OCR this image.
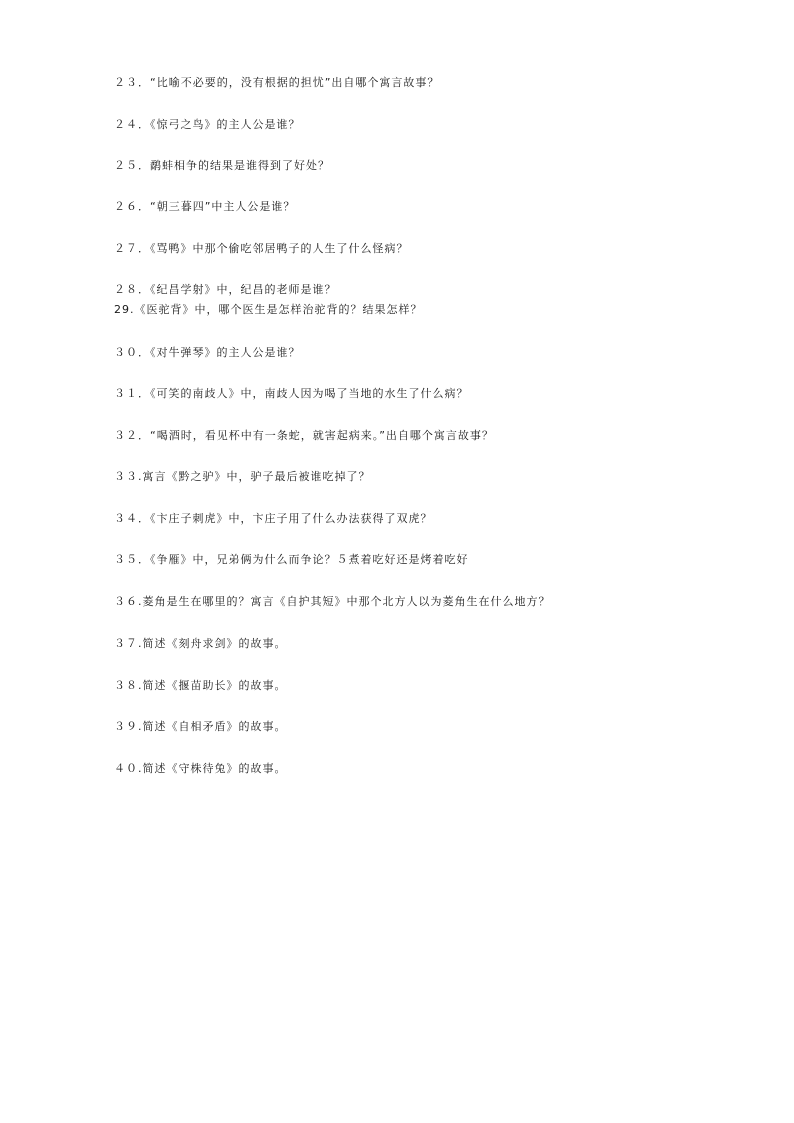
２３．“比喻不必要的，没有根据的担忧”出自哪个寓言故事？
２４．《惊弓之鸟》的主人公是谁？
２５．鹬蚌相争的结果是谁得到了好处？
２６．“朝三暮四”中主人公是谁？
２７．《骂鸭》中那个偷吃邻居鸭子的人生了什么怪病？
２８．《纪昌学射》中，纪昌的老师是谁？
29.《医驼背》中，哪个医生是怎样治驼背的？结果怎样？
３０．《对牛弹琴》的主人公是谁？
３１．《可笑的南歧人》中，南歧人因为喝了当地的水生了什么病？
３２．“喝酒时，看见杯中有一条蛇，就害起病来。”出自哪个寓言故事？
３３.寓言《黔之驴》中，驴子最后被谁吃掉了？
３４．《卞庄子刺虎》中，卞庄子用了什么办法获得了双虎？
３５．《争雁》中，兄弟俩为什么而争论？５煮着吃好还是烤着吃好
３６.菱角是生在哪里的？寓言《自护其短》中那个北方人以为菱角生在什么地方？
３７.简述《刻舟求剑》的故事。
３８.简述《揠苗助长》的故事。
３９.简述《自相矛盾》的故事。
４０.简述《守株待兔》的故事。
